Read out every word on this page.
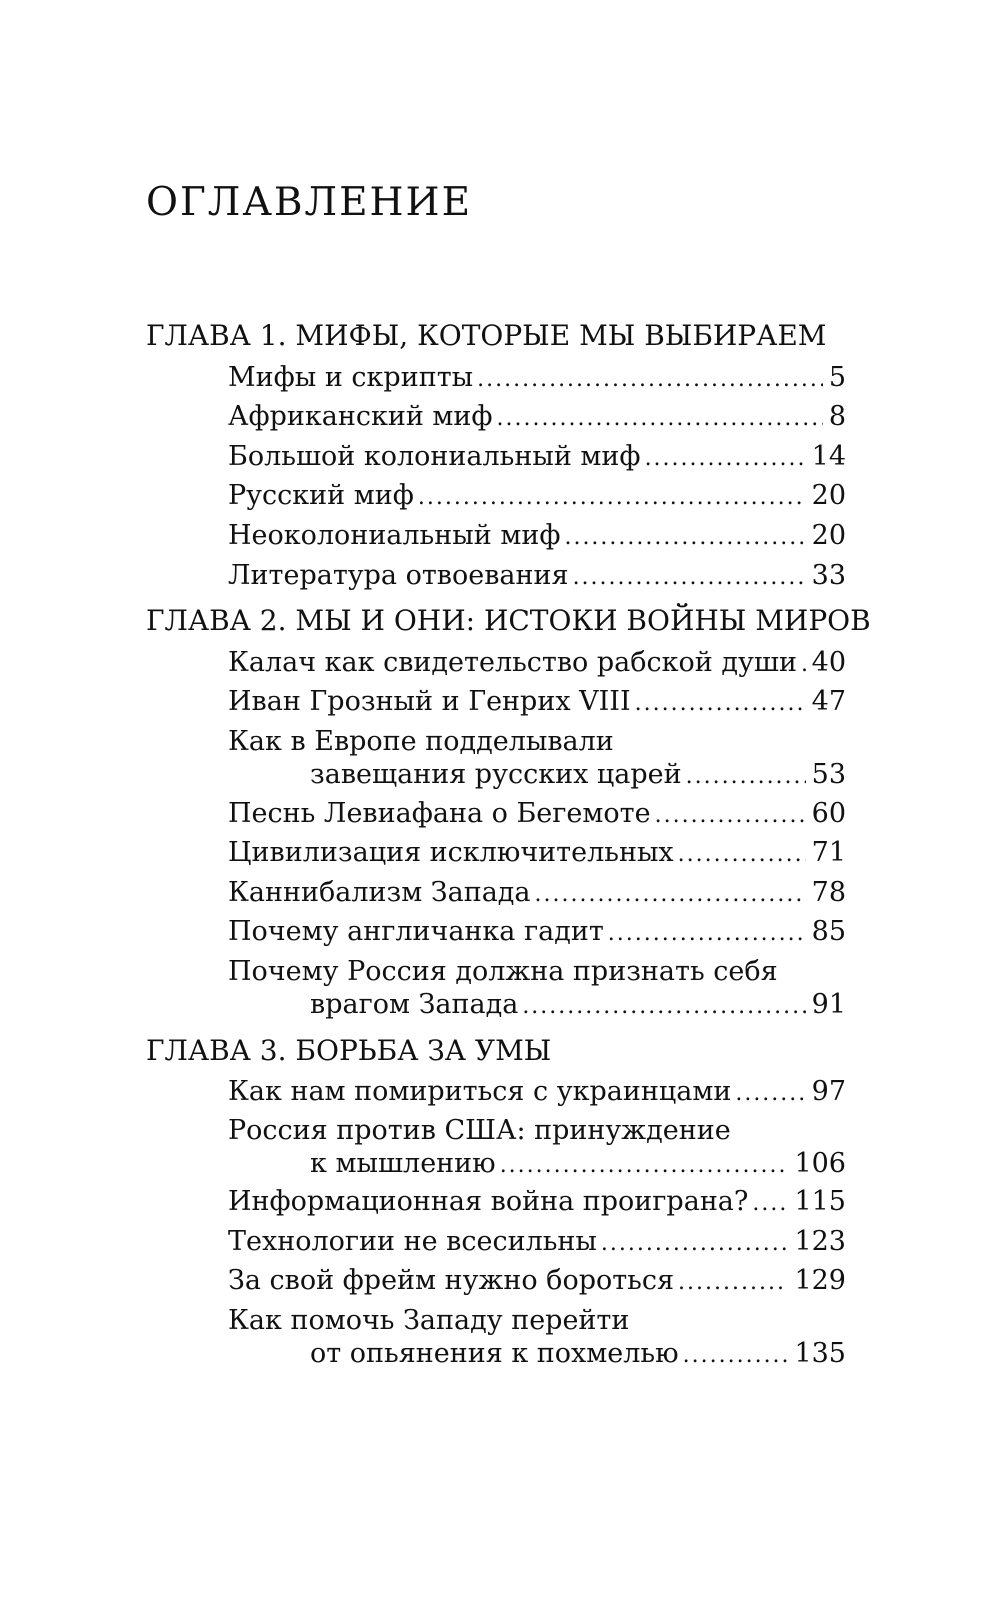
ОГЛАВЛЕНИЕ
ГЛАВА 1. МИФЫ, КОТОРЫЕ МЫ ВЫБИРАЕМ
Мифы и скрипты .....	5
Африканский миф .....	8
Большой колониальный миф .....	14
Русский миф .....	20
Неоколониальный миф .....	20
Литература отвоевания .....	33
ГЛАВА 2. МЫ И ОНИ: ИСТОКИ ВОЙНЫ МИРОВ
Калач как свидетельство рабской души ..... 40
Иван Грозный и Генрих VIII .....	47
Как в Европе подделывали
завещания русских царей .....	53
Песнь Левиафана о Бегемоте .....	60
Цивилизация исключительных .....	71
Каннибализм Запада .....	78
Почему англичанка гадит .....	85
Почему Россия должна признать себя
врагом Запада .....	91
ГЛАВА 3. БОРЬБА ЗА УМЫ
Как нам помириться с украинцами .....	97
Россия против США: принуждение
к мышлению .....	106
Информационная война проиграна? ..... 115
Технологии не всесильны .....	123
За свой фрейм нужно бороться .....	129
Как помочь Западу перейти
от опьянения к похмелью .....	135
